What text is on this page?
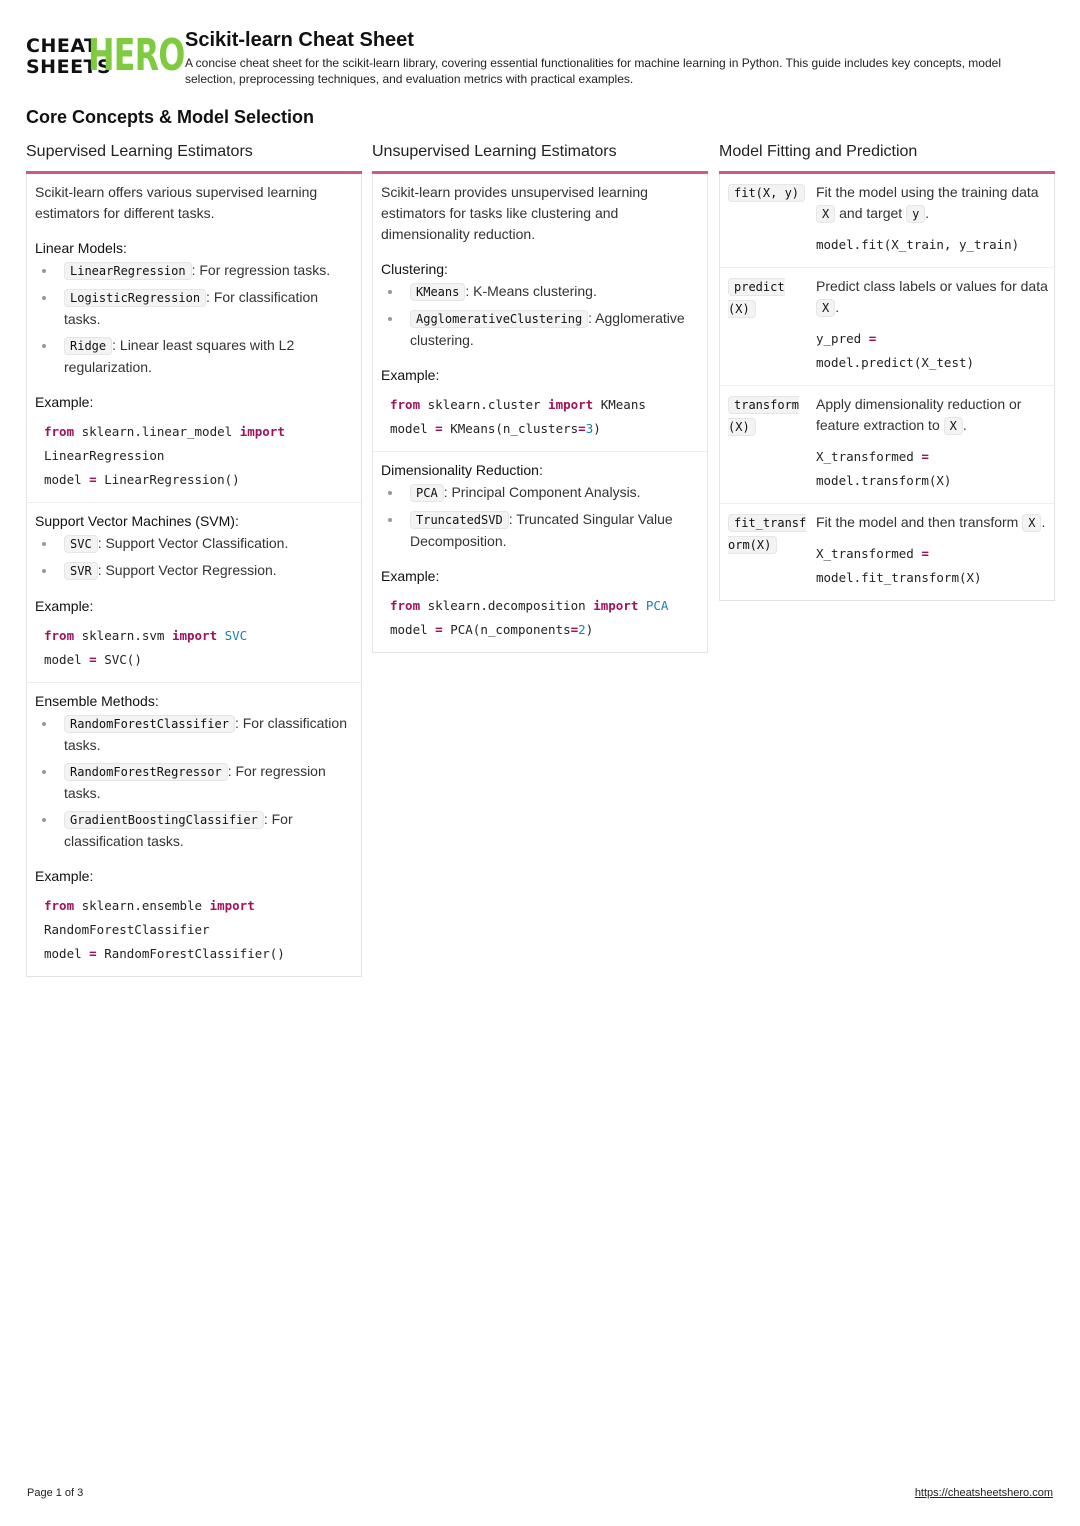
CHEAT
SHEETS
HERO Scikit-learn Cheat Sheet
A concise cheat sheet for the scikit-learn library, covering essential functionalities for machine learning in Python. This guide includes key concepts, model selection, preprocessing techniques, and evaluation metrics with practical examples.
Core Concepts & Model Selection
Supervised Learning Estimators
Scikit-learn offers various supervised learning estimators for different tasks.
Linear Models:
LinearRegression : For regression tasks.
LogisticRegression : For classification tasks.
Ridge : Linear least squares with L2 regularization.
Example:
from sklearn.linear_model import
LinearRegression
model = LinearRegression()
Support Vector Machines (SVM):
SVC : Support Vector Classification.
SVR : Support Vector Regression.
Example:
from sklearn.svm import SVC
model = SVC()
Ensemble Methods:
RandomForestClassifier : For classification tasks.
RandomForestRegressor : For regression tasks.
GradientBoostingClassifier : For classification tasks.
Example:
from sklearn.ensemble import
RandomForestClassifier
model = RandomForestClassifier()
Unsupervised Learning Estimators
Scikit-learn provides unsupervised learning estimators for tasks like clustering and dimensionality reduction.
Clustering:
KMeans : K-Means clustering.
AgglomerativeClustering : Agglomerative clustering.
Example:
from sklearn.cluster import KMeans
model = KMeans(n_clusters=3)
Dimensionality Reduction:
PCA : Principal Component Analysis.
TruncatedSVD : Truncated Singular Value Decomposition.
Example:
from sklearn.decomposition import PCA
model = PCA(n_components=2)
Model Fitting and Prediction
fit(X, y)	Fit the model using the training data X and target y .
model.fit(X_train, y_train)
predict(X)
Predict class labels or values for data X .
y_pred =
model.predict(X_test)
transform(X)
Apply dimensionality reduction or feature extraction to X .
X_transformed =
model.transform(X)
fit_transform(X)
Fit the model and then transform X .
X_transformed =
model.fit_transform(X)
Page 1 of 3	https://cheatsheetshero.com
